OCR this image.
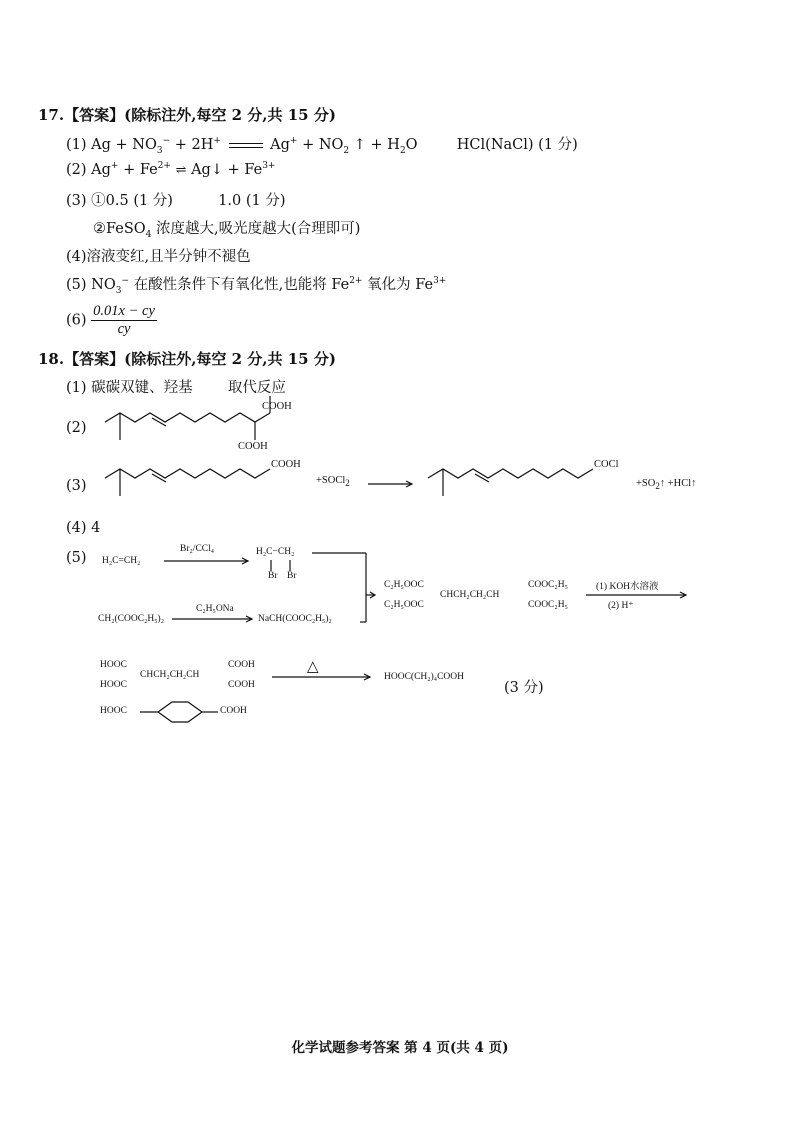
17.【答案】(除标注外,每空 2 分,共 15 分)
(1) $Ag + NO_3^- + 2H^+$	$Ag^+ + NO_2$ ↑ + $H_2O$	HCl(NaCl) (1 分)
(2) $Ag^+ + Fe^{2+}$ ⇌ Ag↓ + $Fe^{3+}$
(3) ①0.5 (1 分)	1.0 (1 分)
②FeSO$_4$ 浓度越大,吸光度越大(合理即可)
(4)溶液变红,且半分钟不褪色
(5) $NO_3^-$ 在酸性条件下有氧化性,也能将 $Fe^{2+}$ 氧化为 $Fe^{3+}$
$(6) \frac{0.01x - cy}{cy}$
18.【答案】(除标注外,每空 2 分,共 15 分)
(1) 碳碳双键、羟基 取代反应
(2)
COOH
COOH
(3)
COOH
+SOCl$_2$
COCl
$+SO_2↑$ +HCl↑
(4) 4
(5) H₂C=CH₂
Br₂/CCl₄	H₂C−CH₂
Br Br
CH₂(COOC₂H₅)₂
C₂H₅ONa
NaCH(COOC₂H₅)₂
C₂H₅OOC
C₂H₅OOC
CHCH₂CH₂CH
COOC₂H₅
COOC₂H₅
(1) KOH水溶液
(2) H⁺
HOOC
HOOC
CHCH₂CH₂CH
COOH
COOH
△
HOOC(CH₂)₄COOH
(3 分)
HOOC	COOH
化学试题参考答案 第 4 页(共 4 页)
